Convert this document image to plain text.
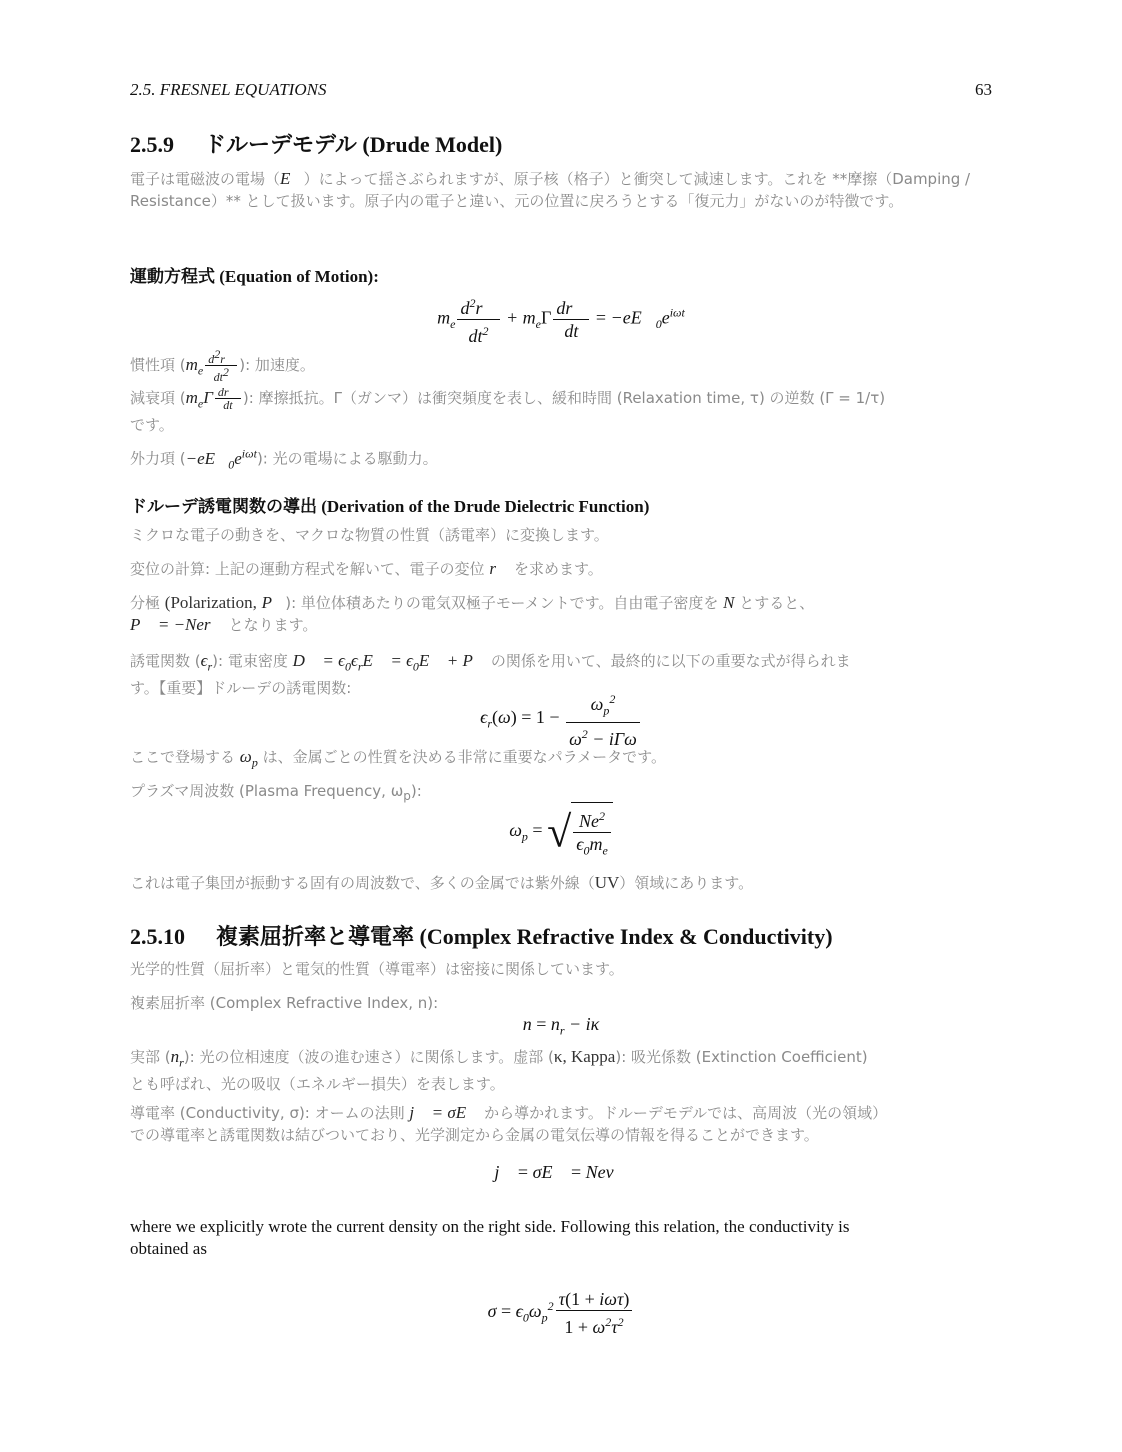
2.5. FRESNEL EQUATIONS	63
2.5.9 ドルーデモデル (Drude Model)
電子は電磁波の電場（E⃗）によって揺さぶられますが、原子核（格子）と衝突して減速します。これを **摩擦（Damping / Resistance）** として扱います。原子内の電子と違い、元の位置に戻ろうとする「復元力」がないのが特徴です。
運動方程式 (Equation of Motion):
$m_e \frac{d^2r⃗}{dt^2} + m_e\Gamma \frac{dr⃗}{dt}$ = $-eE⃗_0e^{i\omega t}$
慣性項 ($m_e \frac{d^2r⃗}{dt^2}$ ): 加速度。
減衰項 ($m_e\Gamma \frac{dr⃗}{dt}$ ): 摩擦抵抗。Γ（ガンマ）は衝突頻度を表し、緩和時間 (Relaxation time, τ) の逆数 (Γ = 1/τ)
です。
外力項 $(-eE⃗_0e^{i\omega t})$: 光の電場による駆動力。
ドルーデ誘電関数の導出 (Derivation of the Drude Dielectric Function)
ミクロな電子の動きを、マクロな物質の性質（誘電率）に変換します。
変位の計算: 上記の運動方程式を解いて、電子の変位 r⃗ を求めます。
分極 (Polarization, P⃗): 単位体積あたりの電気双極子モーメントです。自由電子密度を N とすると、
P⃗ = −Ner⃗ となります。
誘電関数 $(\epsilon_r)$: 電束密度 D⃗ = $\epsilon_0\epsilon_rE⃗$ = $\epsilon_0E⃗$ + P⃗ の関係を用いて、最終的に以下の重要な式が得られま
す。【重要】ドルーデの誘電関数:
$\epsilon_r(\omega) = 1 - \frac{\omega_p^2}{\omega^2 - i\Gamma\omega}$
ここで登場する $\omega_p$ は、金属ごとの性質を決める非常に重要なパラメータです。
プラズマ周波数 (Plasma Frequency, $\omega_p$):
$\omega_p$ = √ $\frac{Ne^2}{\epsilon_0m_e}$
これは電子集団が振動する固有の周波数で、多くの金属では紫外線（UV）領域にあります。
2.5.10 複素屈折率と導電率 (Complex Refractive Index & Conductivity)
光学的性質（屈折率）と電気的性質（導電率）は密接に関係しています。
複素屈折率 (Complex Refractive Index, n):
$n = n_r - i\kappa$
実部 $(n_r)$: 光の位相速度（波の進む速さ）に関係します。虚部 (κ, Kappa): 吸光係数 (Extinction Coefficient)
とも呼ばれ、光の吸収（エネルギー損失）を表します。
導電率 (Conductivity, σ): オームの法則 j⃗ = σE⃗ から導かれます。ドルーデモデルでは、高周波（光の領域）
での導電率と誘電関数は結びついており、光学測定から金属の電気伝導の情報を得ることができます。
j⃗ = σE⃗ = Nev⃗
where we explicitly wrote the current density on the right side. Following this relation, the conductivity is
obtained as
$\sigma = \epsilon_0\omega_p^2 \frac{\text{τ(1 + iωτ)}}{1 + \omega^2\tau^2}$
